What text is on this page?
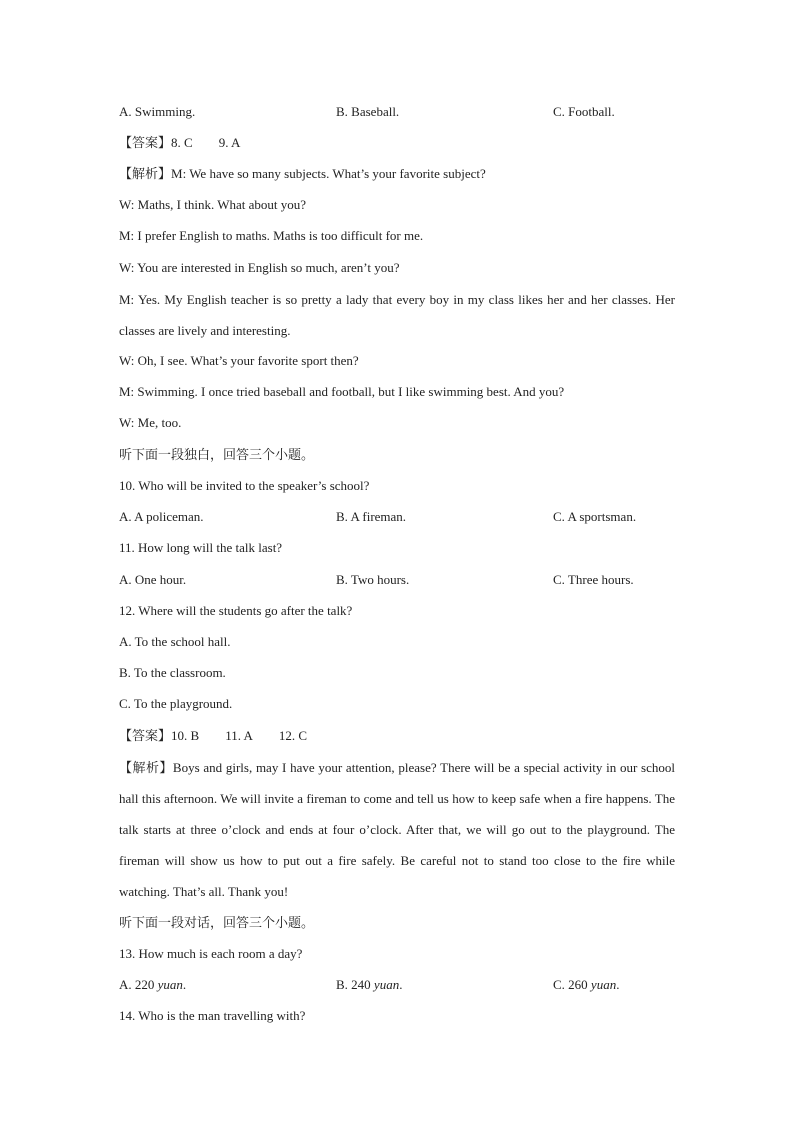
A. Swimming.	B. Baseball.	C. Football.
【答案】8. C 9. A
【解析】M: We have so many subjects. What’s your favorite subject?
W: Maths, I think. What about you?
M: I prefer English to maths. Maths is too difficult for me.
W: You are interested in English so much, aren’t you?
M: Yes. My English teacher is so pretty a lady that every boy in my class likes her and her classes. Her classes are lively and interesting.
W: Oh, I see. What’s your favorite sport then?
M: Swimming. I once tried baseball and football, but I like swimming best. And you?
W: Me, too.
听下面一段独白，回答三个小题。
10. Who will be invited to the speaker’s school?
A. A policeman.	B. A fireman.	C. A sportsman.
11. How long will the talk last?
A. One hour.	B. Two hours.	C. Three hours.
12. Where will the students go after the talk?
A. To the school hall.
B. To the classroom.
C. To the playground.
【答案】10. B 11. A 12. C
【解析】Boys and girls, may I have your attention, please? There will be a special activity in our school hall this afternoon. We will invite a fireman to come and tell us how to keep safe when a fire happens. The talk starts at three o’clock and ends at four o’clock. After that, we will go out to the playground. The fireman will show us how to put out a fire safely. Be careful not to stand too close to the fire while watching. That’s all. Thank you!
听下面一段对话，回答三个小题。
13. How much is each room a day?
A. 220 yuan.	B. 240 yuan.	C. 260 yuan.
14. Who is the man travelling with?
